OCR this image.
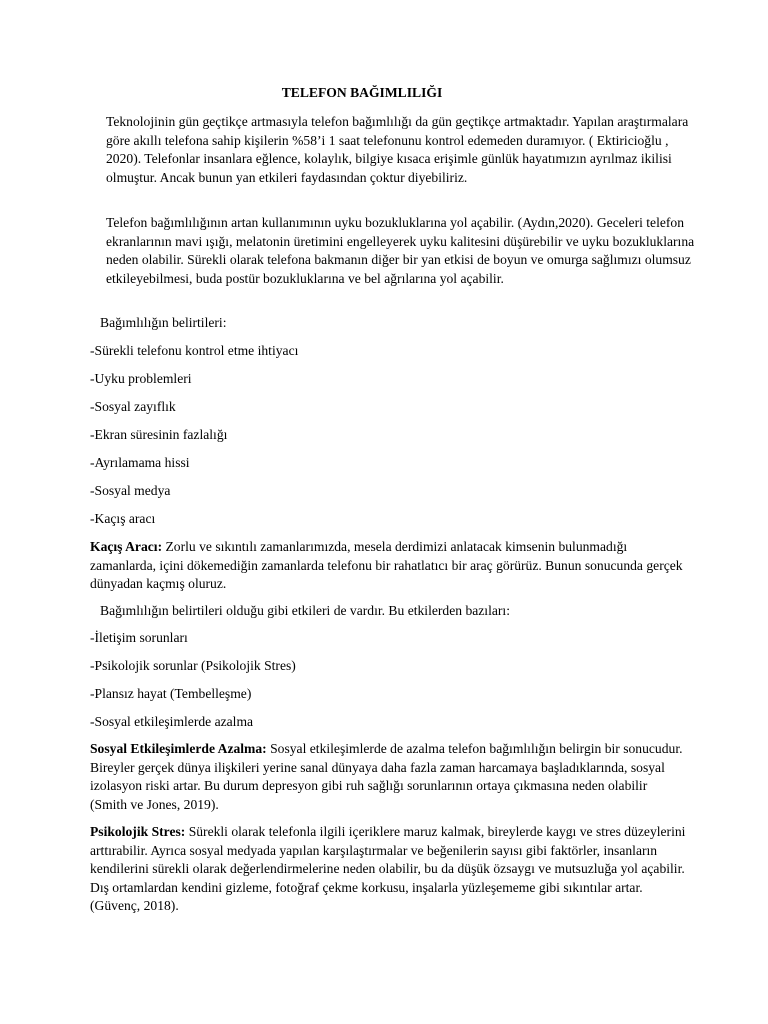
TELEFON BAĞIMLILIĞI

Teknolojinin gün geçtikçe artmasıyla telefon bağımlılığı da gün geçtikçe artmaktadır. Yapılan araştırmalara göre akıllı telefona sahip kişilerin %58’i 1 saat telefonunu kontrol edemeden duramıyor. ( Ektiricioğlu , 2020). Telefonlar insanlara eğlence, kolaylık, bilgiye kısaca erişimle günlük hayatımızın ayrılmaz ikilisi olmuştur. Ancak bunun yan etkileri faydasından çoktur diyebiliriz.

Telefon bağımlılığının artan kullanımının uyku bozukluklarına yol açabilir. (Aydın,2020). Geceleri telefon ekranlarının mavi ışığı, melatonin üretimini engelleyerek uyku kalitesini düşürebilir ve uyku bozukluklarına neden olabilir. Sürekli olarak telefona bakmanın diğer bir yan etkisi de boyun ve omurga sağlımızı olumsuz etkileyebilmesi, buda postür bozukluklarına ve bel ağrılarına yol açabilir.

Bağımlılığın belirtileri:

-Sürekli telefonu kontrol etme ihtiyacı

-Uyku problemleri

-Sosyal zayıflık

-Ekran süresinin fazlalığı

-Ayrılamama hissi

-Sosyal medya

-Kaçış aracı

Kaçış Aracı: Zorlu ve sıkıntılı zamanlarımızda, mesela derdimizi anlatacak kimsenin bulunmadığı zamanlarda, içini dökemediğin zamanlarda telefonu bir rahatlatıcı bir araç görürüz. Bunun sonucunda gerçek dünyadan kaçmış oluruz.

Bağımlılığın belirtileri olduğu gibi etkileri de vardır. Bu etkilerden bazıları:

-İletişim sorunları

-Psikolojik sorunlar (Psikolojik Stres)

-Plansız hayat (Tembelleşme)

-Sosyal etkileşimlerde azalma

Sosyal Etkileşimlerde Azalma: Sosyal etkileşimlerde de azalma telefon bağımlılığın belirgin bir sonucudur. Bireyler gerçek dünya ilişkileri yerine sanal dünyaya daha fazla zaman harcamaya başladıklarında, sosyal izolasyon riski artar. Bu durum depresyon gibi ruh sağlığı sorunlarının ortaya çıkmasına neden olabilir (Smith ve Jones, 2019).

Psikolojik Stres: Sürekli olarak telefonla ilgili içeriklere maruz kalmak, bireylerde kaygı ve stres düzeylerini arttırabilir. Ayrıca sosyal medyada yapılan karşılaştırmalar ve beğenilerin sayısı gibi faktörler, insanların kendilerini sürekli olarak değerlendirmelerine neden olabilir, bu da düşük özsaygı ve mutsuzluğa yol açabilir. Dış ortamlardan kendini gizleme, fotoğraf çekme korkusu, inşalarla yüzleşememe gibi sıkıntılar artar. (Güvenç, 2018).
